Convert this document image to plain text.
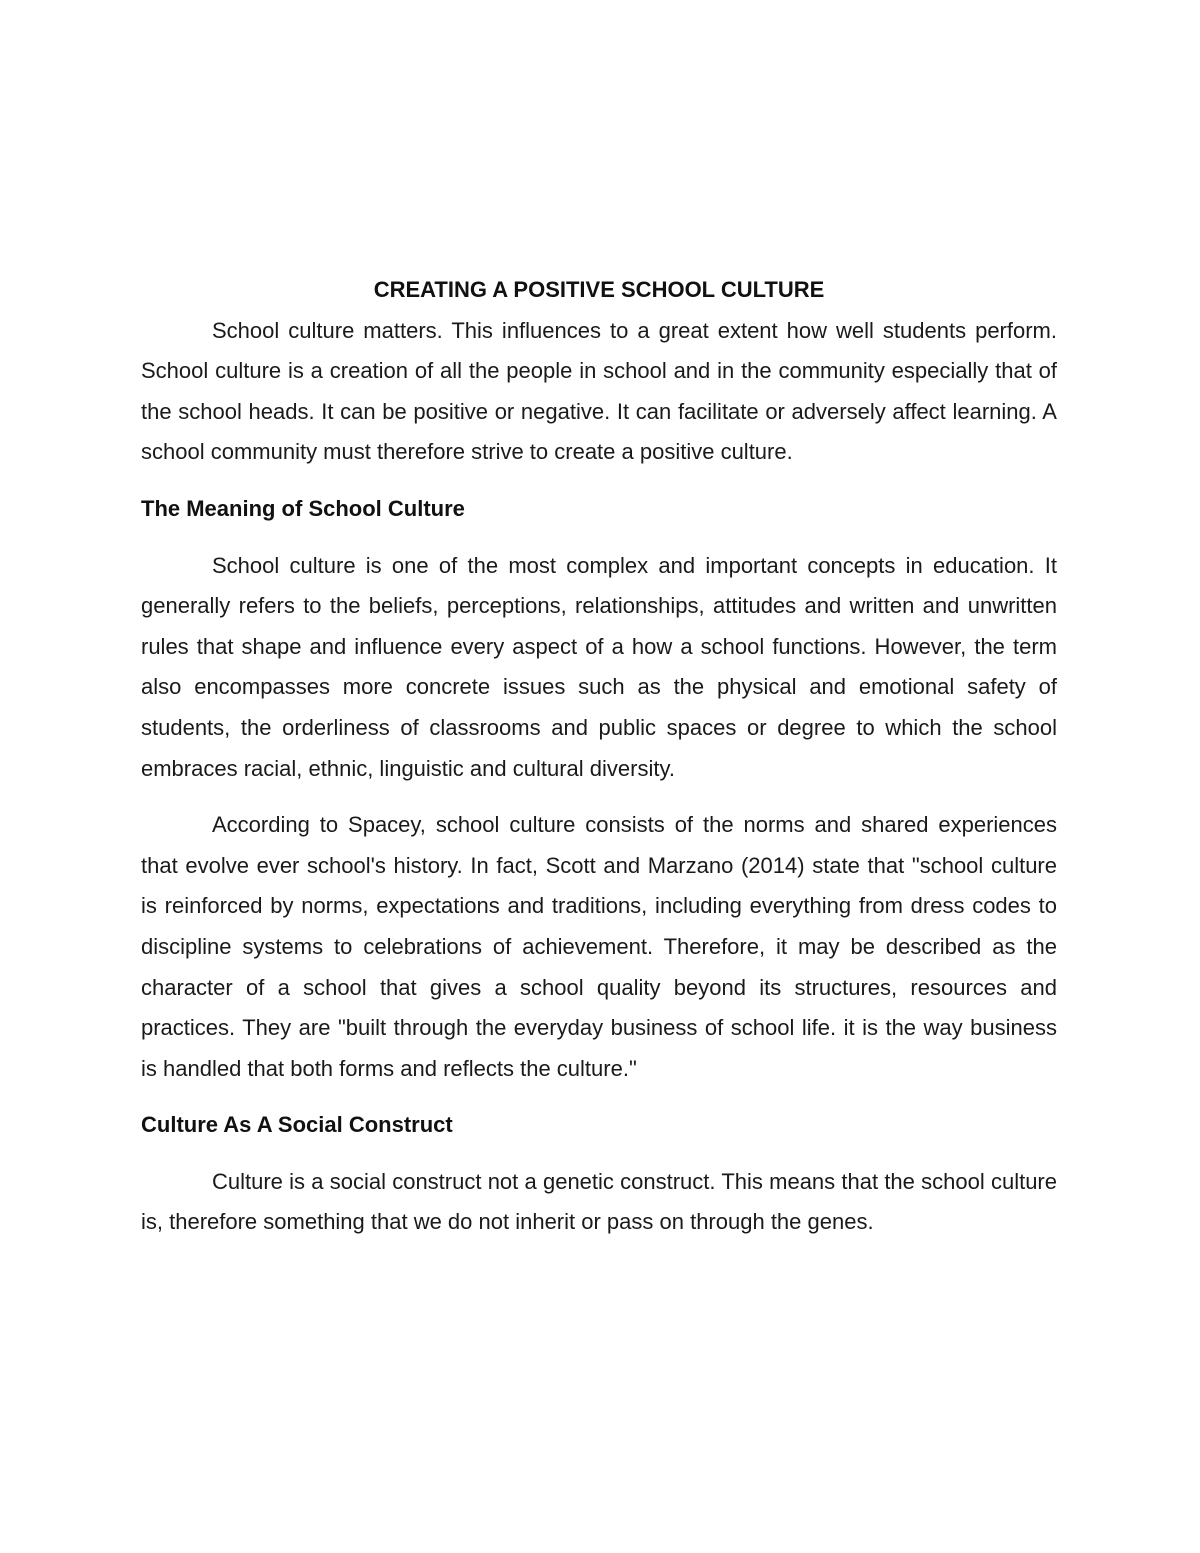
CREATING A POSITIVE SCHOOL CULTURE

School culture matters. This influences to a great extent how well students perform. School culture is a creation of all the people in school and in the community especially that of the school heads. It can be positive or negative. It can facilitate or adversely affect learning. A school community must therefore strive to create a positive culture.

The Meaning of School Culture

School culture is one of the most complex and important concepts in education. It generally refers to the beliefs, perceptions, relationships, attitudes and written and unwritten rules that shape and influence every aspect of a how a school functions. However, the term also encompasses more concrete issues such as the physical and emotional safety of students, the orderliness of classrooms and public spaces or degree to which the school embraces racial, ethnic, linguistic and cultural diversity.

According to Spacey, school culture consists of the norms and shared experiences that evolve ever school's history. In fact, Scott and Marzano (2014) state that "school culture is reinforced by norms, expectations and traditions, including everything from dress codes to discipline systems to celebrations of achievement. Therefore, it may be described as the character of a school that gives a school quality beyond its structures, resources and practices. They are "built through the everyday business of school life. it is the way business is handled that both forms and reflects the culture."

Culture As A Social Construct

Culture is a social construct not a genetic construct. This means that the school culture is, therefore something that we do not inherit or pass on through the genes.
